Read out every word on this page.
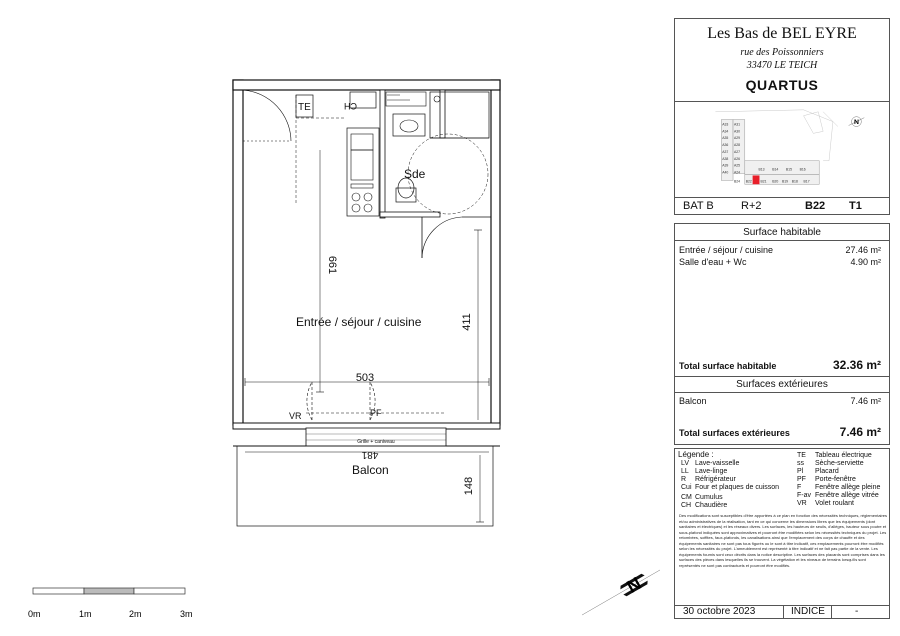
TE	CH
Sde
Entrée / séjour / cuisine
Balcon
661
411
503
481
148
VR	PF
Grille + caniveau
0m	1m	2m	3m
N
Les Bas de BEL EYRE
rue des Poissonniers
33470 LE TEICH
QUARTUS
A33 A31
A34 A30
A35 A29
A36 A28
A37 A27
A38 A26
A39 A25
A40 A24
B13 B14 B15 B16
B24 B22 B21 B20 B19 B18 B17
N
BAT B R+2	B22 T1
Surface habitable
Entrée / séjour / cuisine	27.46 m²
Salle d'eau + Wc	4.90 m²
Total surface habitable	32.36 m²
Surfaces extérieures
Balcon	7.46 m²
Total surfaces extérieures	7.46 m²
Légende :
LV Lave-vaisselle
LL Lave-linge
R Réfrigérateur
Cui Four et plaques de cuisson
CM Cumulus
CH Chaudière
TE Tableau électrique
ss Sèche-serviette
Pl Placard
PF Porte-fenêtre
F Fenêtre allège pleine
F-av Fenêtre allège vitrée
VR Volet roulant
Des modifications sont susceptibles d'être apportées à ce plan en fonction des nécessités techniques, réglementaires et/ou administratives de la réalisation, tant en ce qui concerne les dimensions libres que les équipements (dont sanitaires et électriques) et les réseaux divers. Les surfaces, les hauteurs de seuils, d'allèges, hauteur sous poutre et sous-plafond indiquées sont approximatives et pourront être modifiées selon les nécessités techniques du projet. Les retombées, soffites, faux-plafonds, les canalisations ainsi que l'emplacement des corps de chauffe et des équipements sanitaires ne sont pas tous figurés ou le sont à titre indicatif, ces emplacements pourront être modifiés selon les nécessités du projet. L'ameublement est représenté à titre indicatif et ne fait pas partie de la vente. Les équipements fournis sont ceux décrits dans la notice descriptive. Les surfaces des placards sont comprises dans les surfaces des pièces dans lesquelles ils se trouvent. La végétation et les niveaux de terrains lorsqu'ils sont représentés ne sont pas contractuels et pourront être modifiés.
30 octobre 2023	INDICE	-
